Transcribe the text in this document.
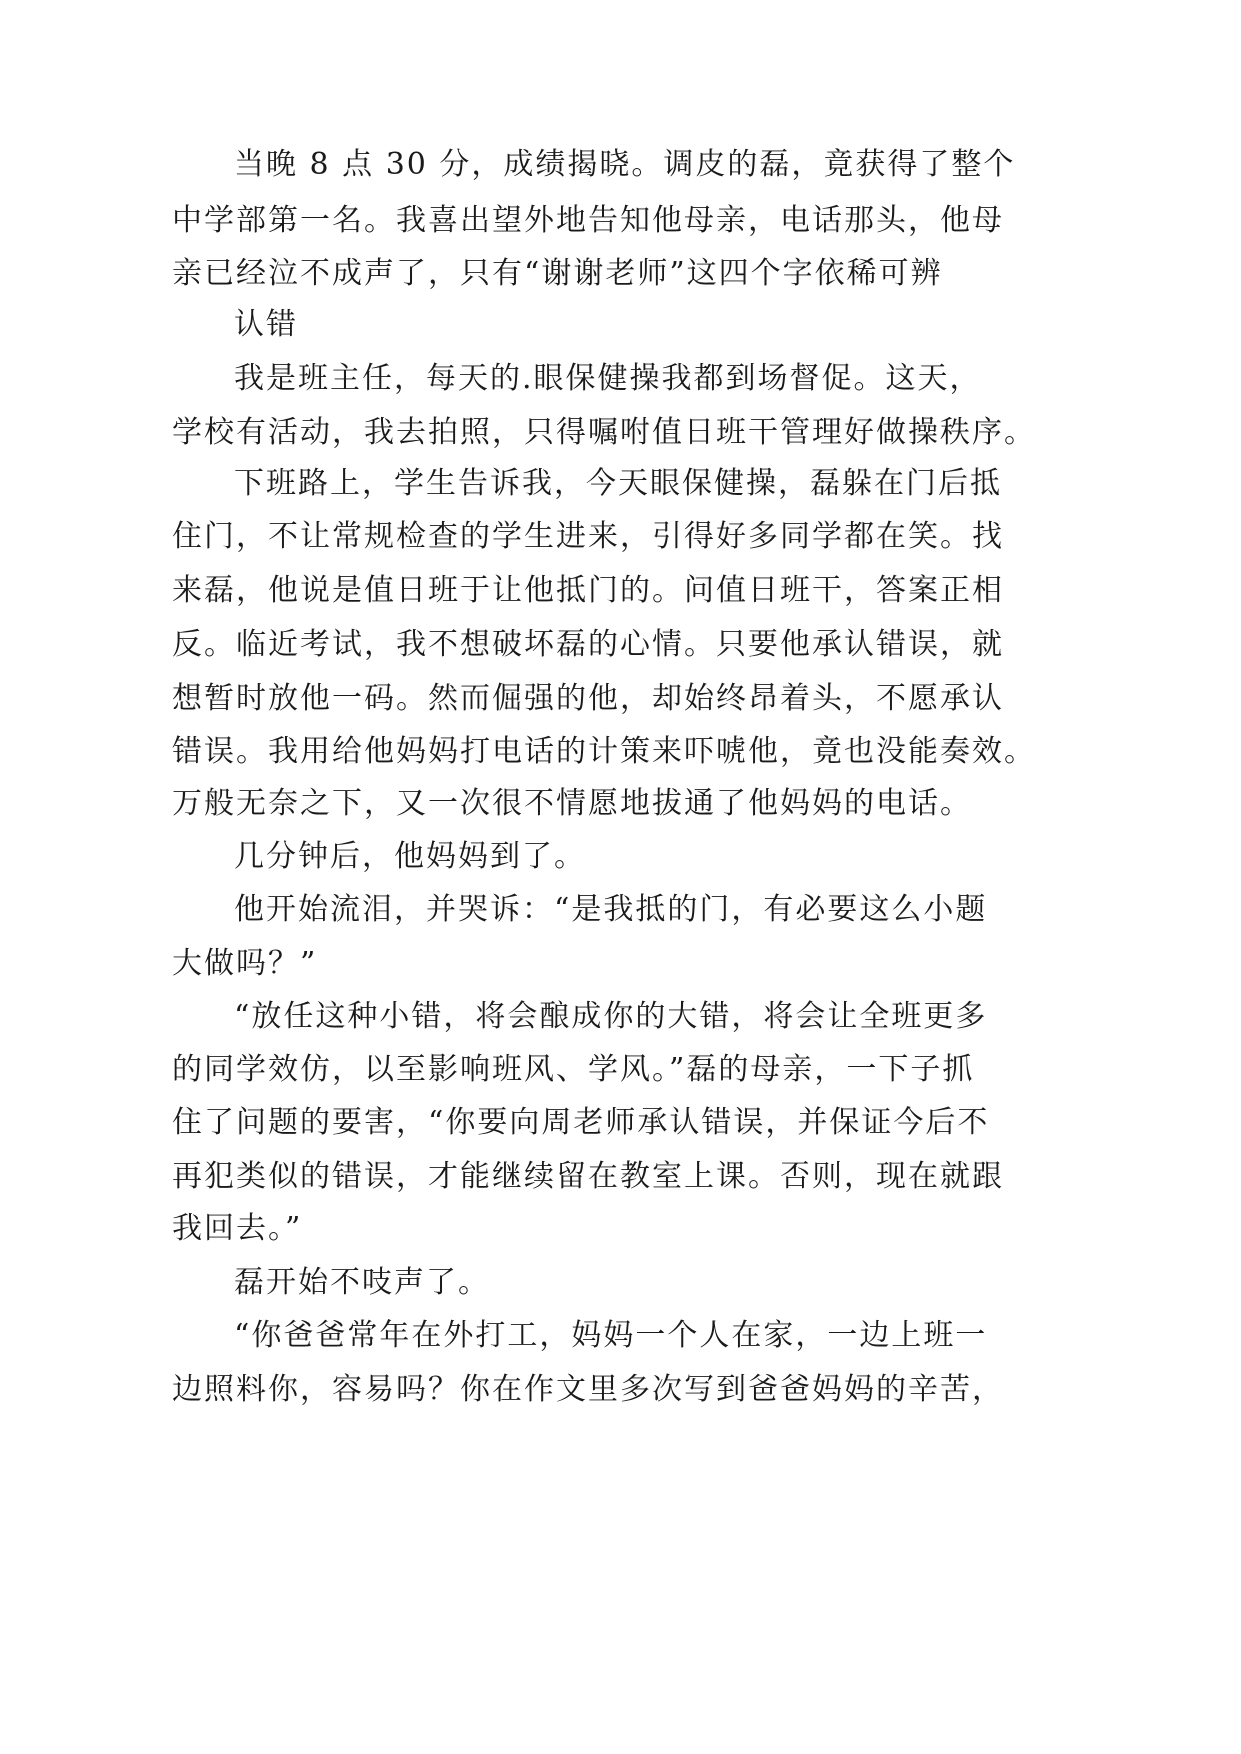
当晚 8 点 30 分，成绩揭晓。调皮的磊，竟获得了整个
中学部第一名。我喜出望外地告知他母亲，电话那头，他母
亲已经泣不成声了，只有“谢谢老师”这四个字依稀可辨
认错
我是班主任，每天的.眼保健操我都到场督促。这天，
学校有活动，我去拍照，只得嘱咐值日班干管理好做操秩序。
下班路上，学生告诉我，今天眼保健操，磊躲在门后抵
住门，不让常规检查的学生进来，引得好多同学都在笑。找
来磊，他说是值日班于让他抵门的。问值日班干，答案正相
反。临近考试，我不想破坏磊的心情。只要他承认错误，就
想暂时放他一码。然而倔强的他，却始终昂着头，不愿承认
错误。我用给他妈妈打电话的计策来吓唬他，竟也没能奏效。
万般无奈之下，又一次很不情愿地拔通了他妈妈的电话。
几分钟后，他妈妈到了。
他开始流泪，并哭诉：“是我抵的门，有必要这么小题
大做吗？”
“放任这种小错，将会酿成你的大错，将会让全班更多
的同学效仿，以至影响班风、学风。”磊的母亲，一下子抓
住了问题的要害，“你要向周老师承认错误，并保证今后不
再犯类似的错误，才能继续留在教室上课。否则，现在就跟
我回去。”
磊开始不吱声了。
“你爸爸常年在外打工，妈妈一个人在家，一边上班一
边照料你，容易吗？你在作文里多次写到爸爸妈妈的辛苦，
